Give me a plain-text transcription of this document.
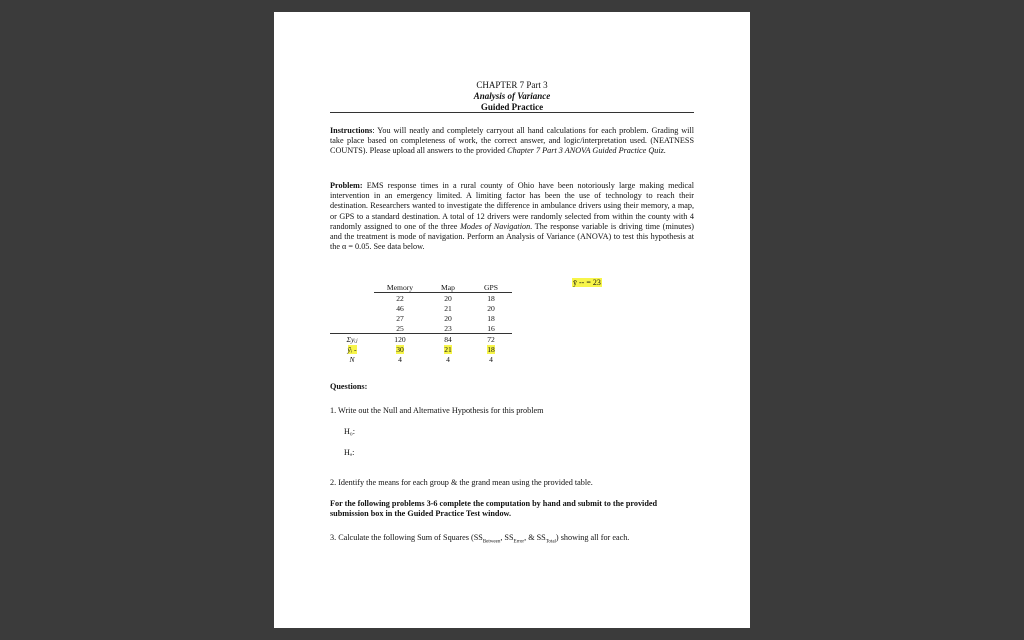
CHAPTER 7 Part 3
Analysis of Variance
Guided Practice
Instructions: You will neatly and completely carryout all hand calculations for each problem. Grading will take place based on completeness of work, the correct answer, and logic/interpretation used. (NEATNESS COUNTS). Please upload all answers to the provided Chapter 7 Part 3 ANOVA Guided Practice Quiz.
Problem: EMS response times in a rural county of Ohio have been notoriously large making medical intervention in an emergency limited. A limiting factor has been the use of technology to reach their destination. Researchers wanted to investigate the difference in ambulance drivers using their memory, a map, or GPS to a standard destination. A total of 12 drivers were randomly selected from within the county with 4 randomly assigned to one of the three Modes of Navigation. The response variable is driving time (minutes) and the treatment is mode of navigation. Perform an Analysis of Variance (ANOVA) to test this hypothesis at the α = 0.05. See data below.
ȳ -- = 23
	Memory	Map	GPS
	22	20	18
	46	21	20
	27	20	18
	25	23	16
Σyᵢⱼ	120	84	72
ȳᵢ -	30	21	18
N	4	4	4
Questions:
1. Write out the Null and Alternative Hypothesis for this problem
H₀:
Hₐ:
2. Identify the means for each group & the grand mean using the provided table.
For the following problems 3-6 complete the computation by hand and submit to the provided submission box in the Guided Practice Test window.
3. Calculate the following Sum of Squares ($SS_{Between}$, $SS_{Error}$, & $SS_{Total}$) showing all for each.
